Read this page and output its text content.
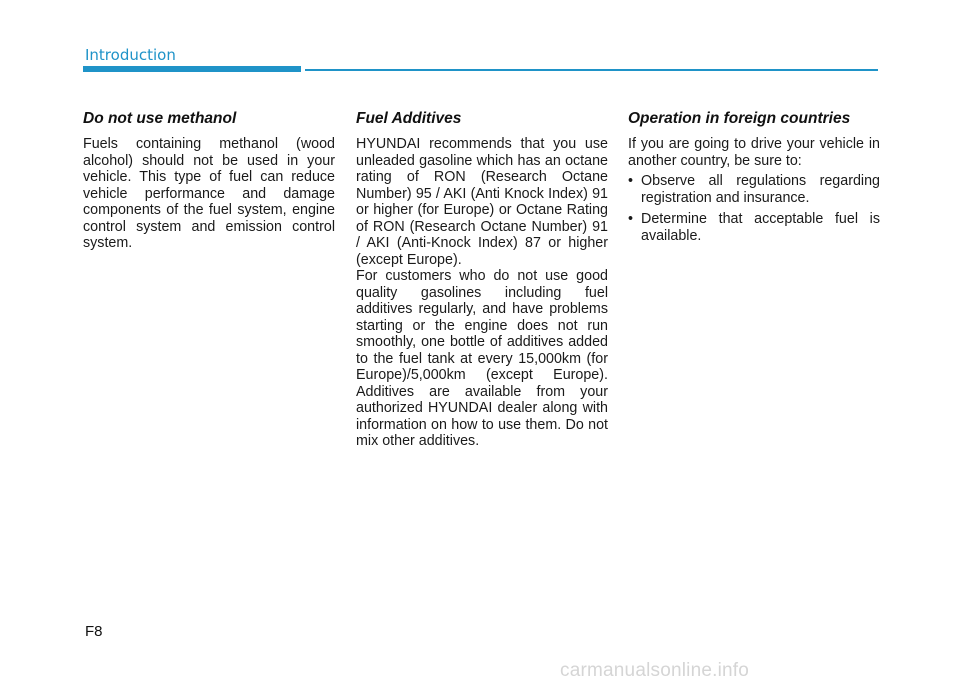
Introduction
Do not use methanol

Fuels containing methanol (wood alcohol) should not be used in your vehicle. This type of fuel can reduce vehicle performance and damage components of the fuel system, engine control system and emission control system.

Fuel Additives

HYUNDAI recommends that you use unleaded gasoline which has an octane rating of RON (Research Octane Number) 95 / AKI (Anti Knock Index) 91 or higher (for Europe) or Octane Rating of RON (Research Octane Number) 91 / AKI (Anti-Knock Index) 87 or higher (except Europe).

For customers who do not use good quality gasolines including fuel additives regularly, and have problems starting or the engine does not run smoothly, one bottle of additives added to the fuel tank at every 15,000km (for Europe)/5,000km (except Europe). Additives are available from your authorized HYUNDAI dealer along with information on how to use them. Do not mix other additives.

Operation in foreign countries

If you are going to drive your vehicle in another country, be sure to:

• Observe all regulations regarding registration and insurance.
• Determine that acceptable fuel is available.
F8
carmanualsonline.info
